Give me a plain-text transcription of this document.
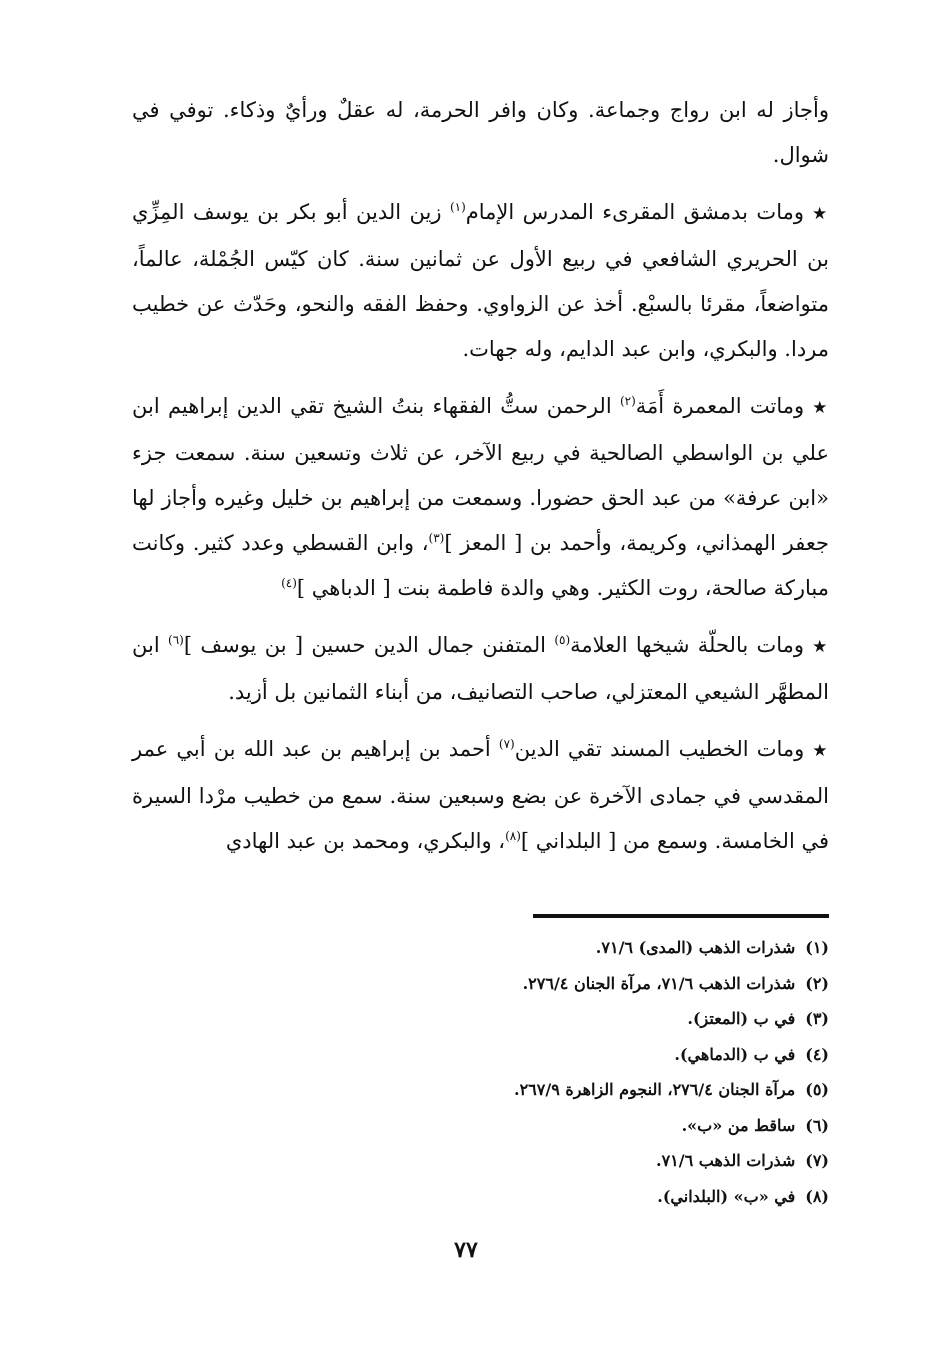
وأجاز له ابن رواج وجماعة. وكان وافر الحرمة، له عقلٌ ورأيٌ وذكاء. توفي في شوال.

★ومات بدمشق المقرىء المدرس الإمام$^{(١)}$ زين الدين أبو بكر بن يوسف المِزِّي بن الحريري الشافعي في ربيع الأول عن ثمانين سنة. كان كيّس الجُمْلة، عالماً، متواضعاً، مقرئا بالسبْع. أخذ عن الزواوي. وحفظ الفقه والنحو، وحَدّث عن خطيب مردا. والبكري، وابن عبد الدايم، وله جهات.

★وماتت المعمرة أَمَة$^{(٢)}$ الرحمن ستُّ الفقهاء بنتُ الشيخ تقي الدين إبراهيم ابن علي بن الواسطي الصالحية في ربيع الآخر، عن ثلاث وتسعين سنة. سمعت جزء «ابن عرفة» من عبد الحق حضورا. وسمعت من إبراهيم بن خليل وغيره وأجاز لها جعفر الهمذاني، وكريمة، وأحمد بن [ المعز ]$^{(٣)}$، وابن القسطي وعدد كثير. وكانت مباركة صالحة، روت الكثير. وهي والدة فاطمة بنت [ الدباهي ]$^{(٤)}$

★ومات بالحلّة شيخها العلامة$^{(٥)}$ المتفنن جمال الدين حسين [ بن يوسف ]$^{(٦)}$ ابن المطهَّر الشيعي المعتزلي، صاحب التصانيف، من أبناء الثمانين بل أزيد.

★ومات الخطيب المسند تقي الدين$^{(٧)}$ أحمد بن إبراهيم بن عبد الله بن أبي عمر المقدسي في جمادى الآخرة عن بضع وسبعين سنة. سمع من خطيب مرْدا السيرة في الخامسة. وسمع من [ البلداني ]$^{(٨)}$، والبكري، ومحمد بن عبد الهادي

(١)شذرات الذهب (المدى) ٧١/٦.
(٢)شذرات الذهب ٧١/٦، مرآة الجنان ٢٧٦/٤.
(٣)في ب (المعتز).
(٤)في ب (الدماهي).
(٥)مرآة الجنان ٢٧٦/٤، النجوم الزاهرة ٢٦٧/٩.
(٦)ساقط من «ب».
(٧)شذرات الذهب ٧١/٦.
(٨)في «ب» (البلداني).
٧٧
